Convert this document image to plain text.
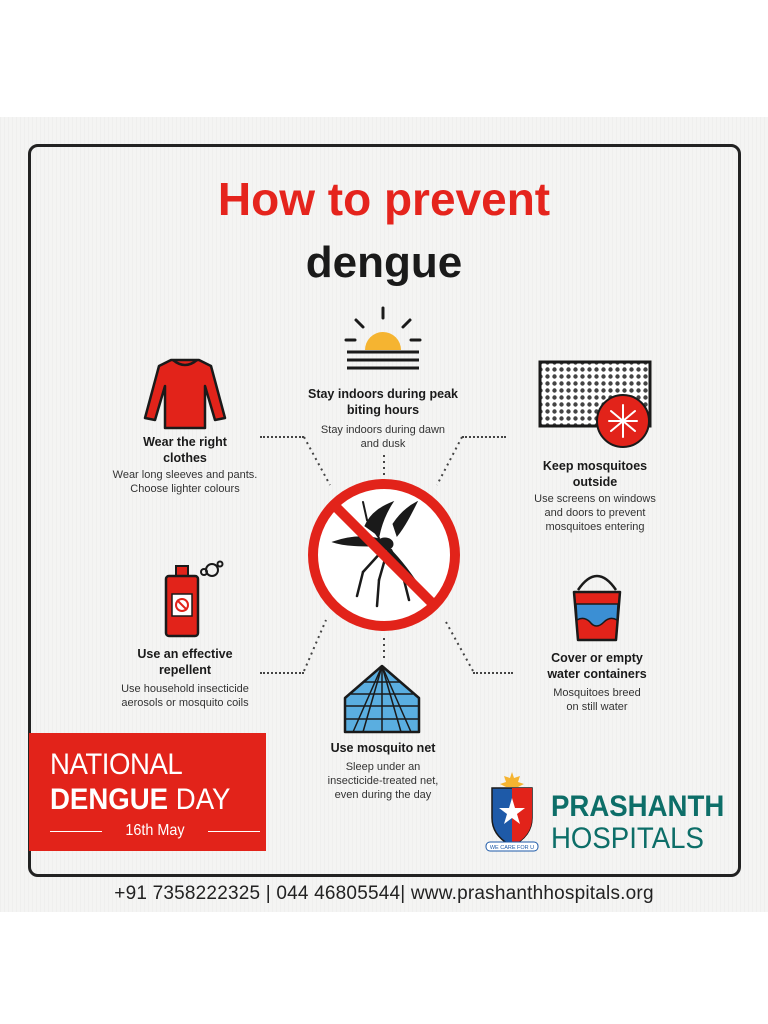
How to prevent
dengue
Stay indoors during peak
biting hours
Stay indoors during dawn
and dusk
Wear the right
clothes
Wear long sleeves and pants.
Choose lighter colours
Keep mosquitoes
outside
Use screens on windows
and doors to prevent
mosquitoes entering
Use an effective
repellent
Use household insecticide
aerosols or mosquito coils
Cover or empty
water containers
Mosquitoes breed
on still water
Use mosquito net
Sleep under an
insecticide-treated net,
even during the day
NATIONAL
DENGUE DAY
16th May
WE CARE FOR U
PRASHANTH
HOSPITALS
+91 7358222325 | 044 46805544| www.prashanthhospitals.org
